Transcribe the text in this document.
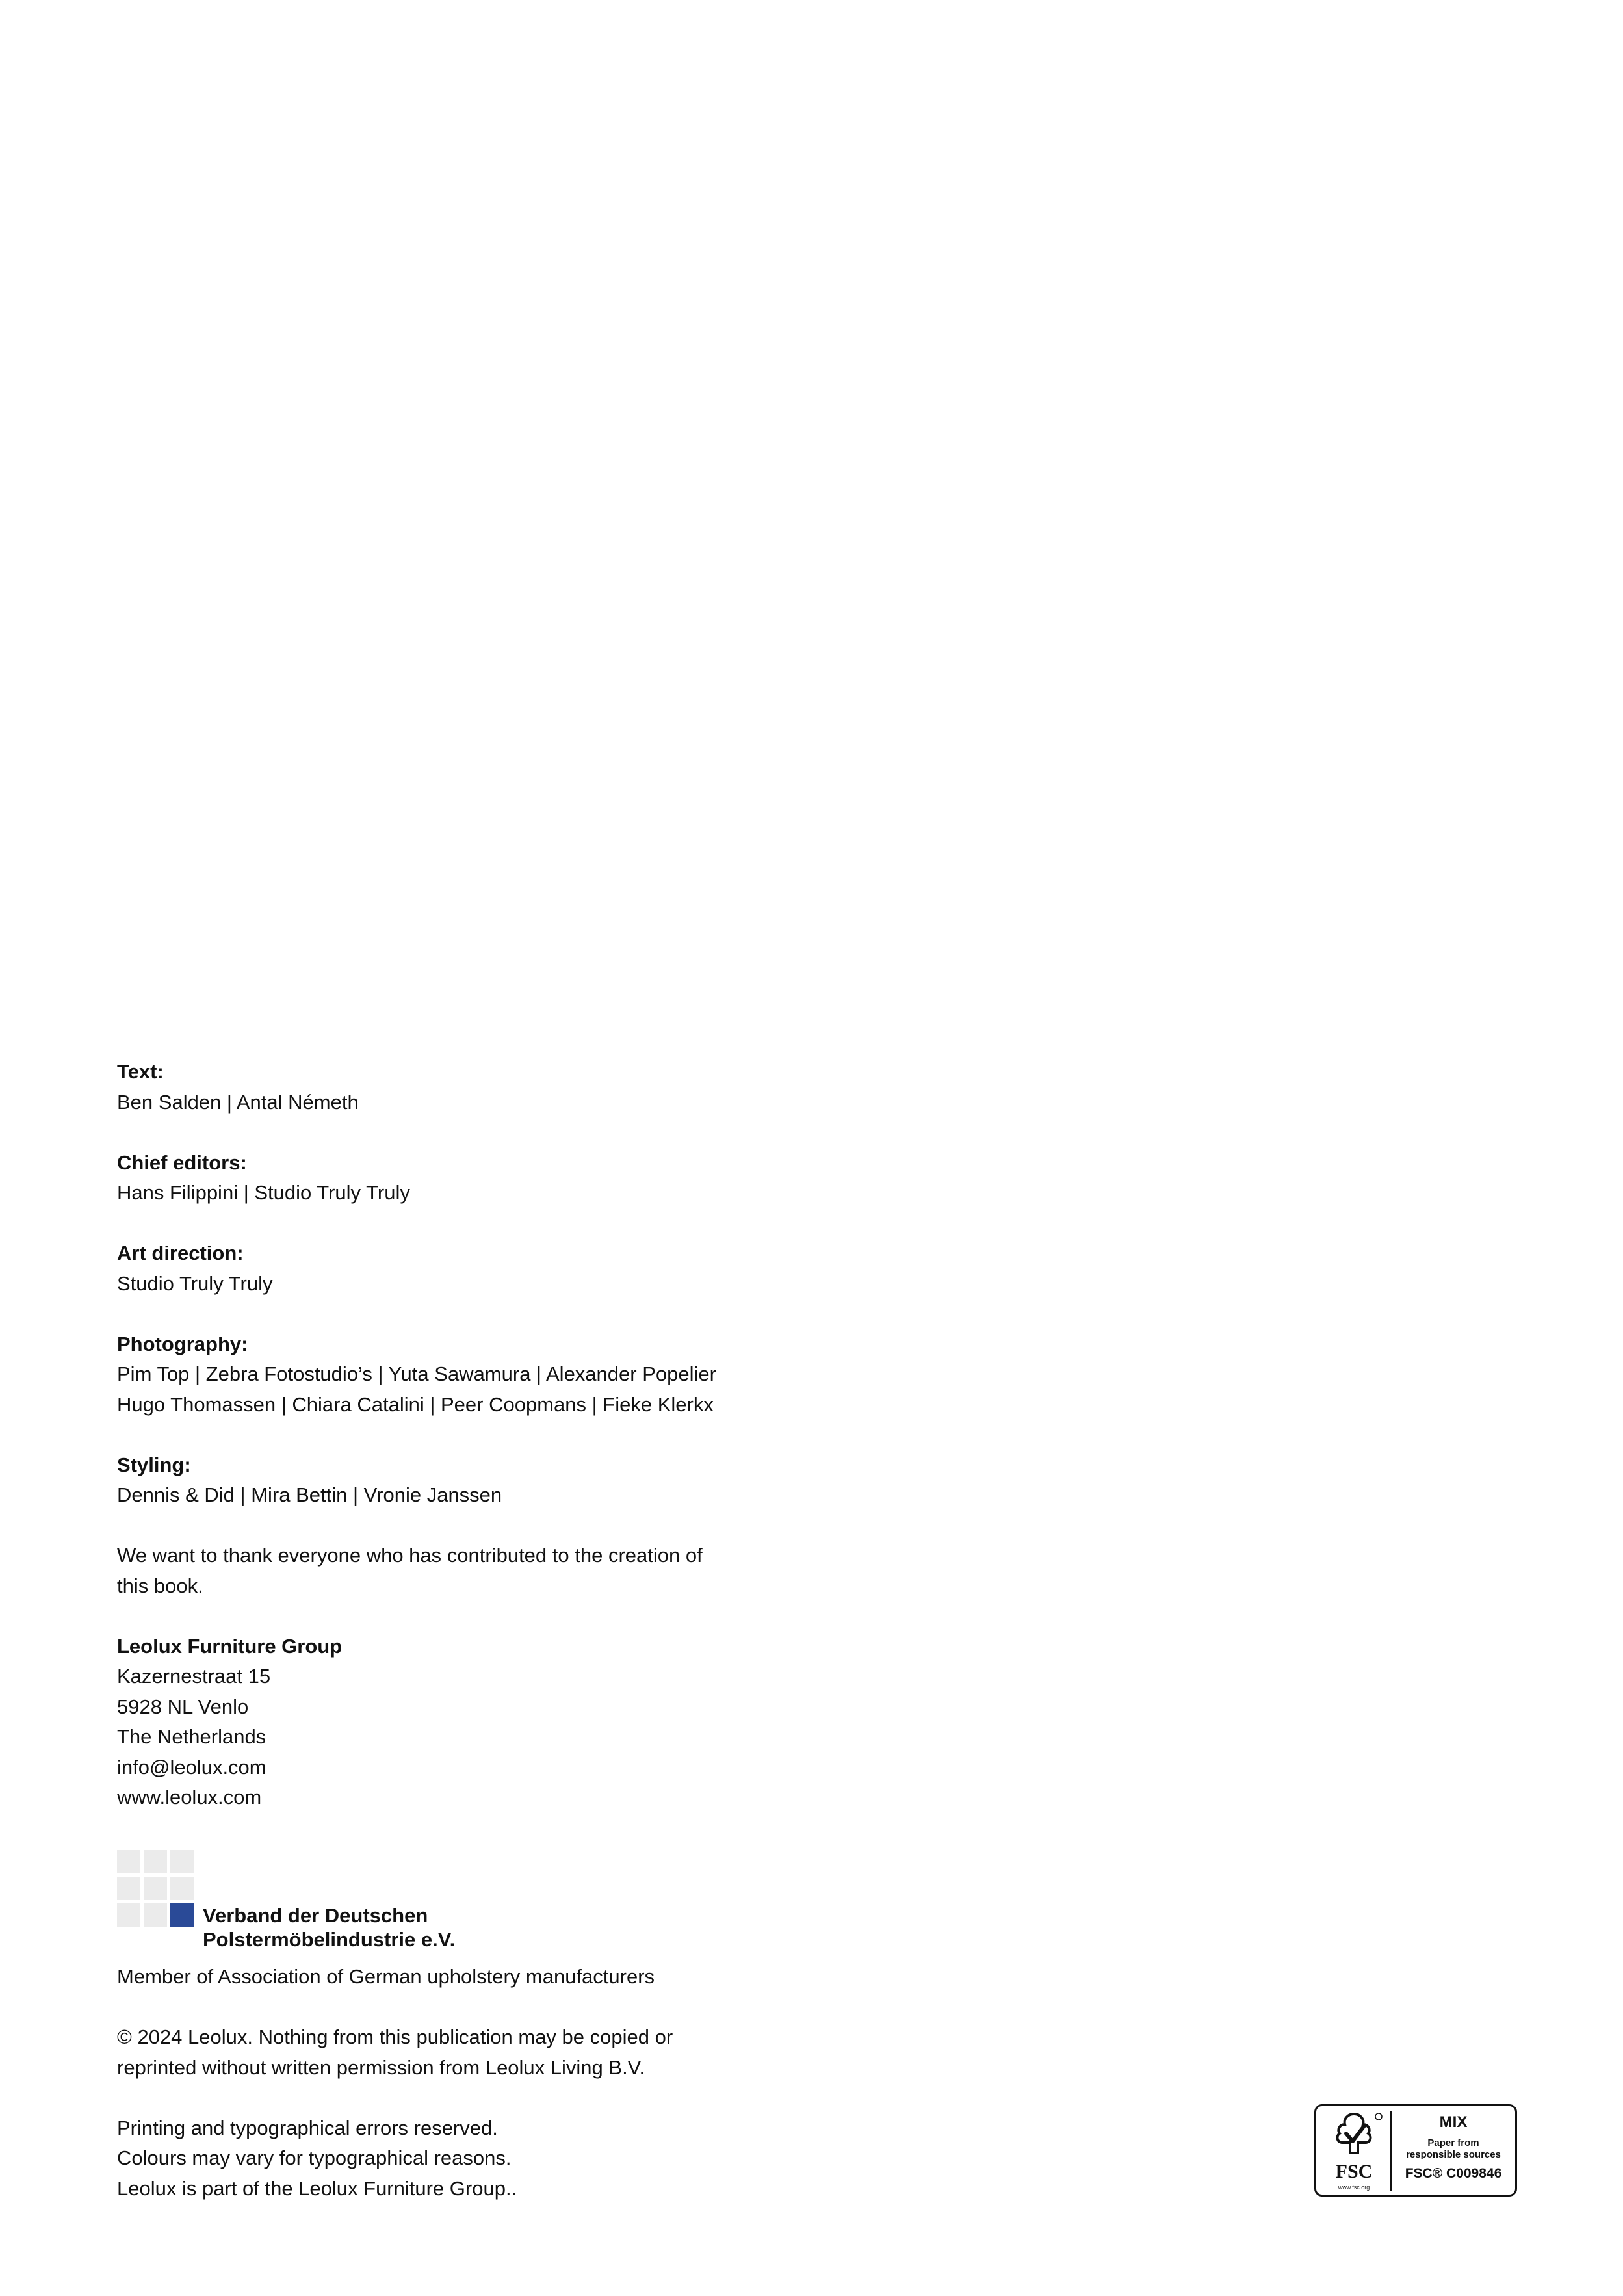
Text:
Ben Salden | Antal Németh
Chief editors:
Hans Filippini | Studio Truly Truly
Art direction:
Studio Truly Truly
Photography:
Pim Top | Zebra Fotostudio’s | Yuta Sawamura | Alexander Popelier
Hugo Thomassen | Chiara Catalini | Peer Coopmans | Fieke Klerkx
Styling:
Dennis & Did | Mira Bettin | Vronie Janssen
We want to thank everyone who has contributed to the creation of
this book.
Leolux Furniture Group
Kazernestraat 15
5928 NL Venlo
The Netherlands
info@leolux.com
www.leolux.com
Verband der Deutschen
Polstermöbelindustrie e.V.
Member of Association of German upholstery manufacturers
© 2024 Leolux. Nothing from this publication may be copied or
reprinted without written permission from Leolux Living B.V.
Printing and typographical errors reserved.
Colours may vary for typographical reasons.
Leolux is part of the Leolux Furniture Group..
FSC
www.fsc.org
MIX
Paper from
responsible sources
FSC® C009846
